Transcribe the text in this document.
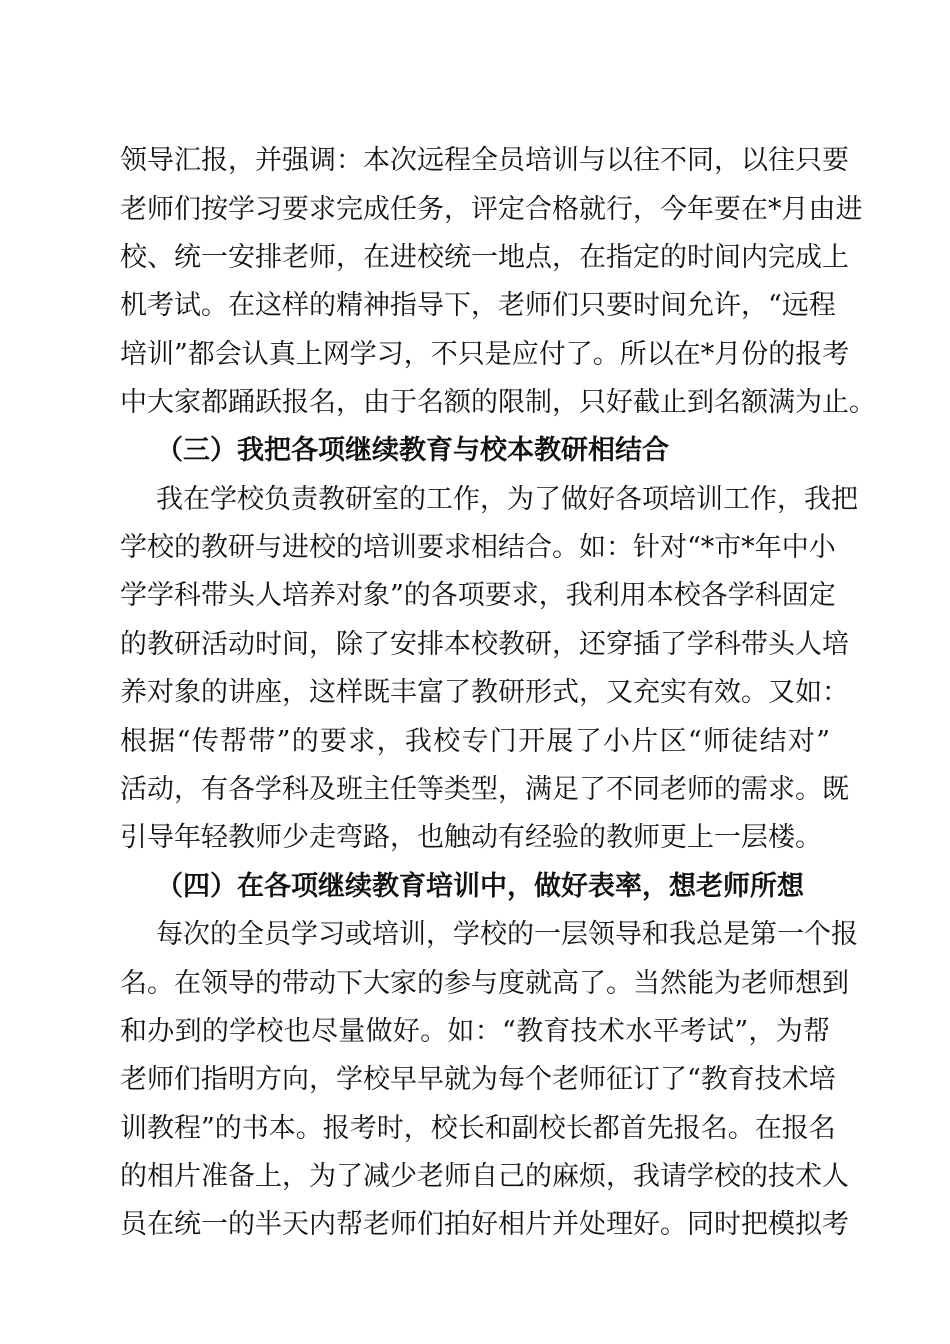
领导汇报，并强调：本次远程全员培训与以往不同，以往只要
老师们按学习要求完成任务，评定合格就行，今年要在*月由进
校、统一安排老师，在进校统一地点，在指定的时间内完成上
机考试。在这样的精神指导下，老师们只要时间允许，“远程
培训”都会认真上网学习，不只是应付了。所以在*月份的报考
中大家都踊跃报名，由于名额的限制，只好截止到名额满为止。
（三）我把各项继续教育与校本教研相结合
我在学校负责教研室的工作，为了做好各项培训工作，我把
学校的教研与进校的培训要求相结合。如：针对“*市*年中小
学学科带头人培养对象”的各项要求，我利用本校各学科固定
的教研活动时间，除了安排本校教研，还穿插了学科带头人培
养对象的讲座，这样既丰富了教研形式，又充实有效。又如：
根据“传帮带”的要求，我校专门开展了小片区“师徒结对”
活动，有各学科及班主任等类型，满足了不同老师的需求。既
引导年轻教师少走弯路，也触动有经验的教师更上一层楼。
（四）在各项继续教育培训中，做好表率，想老师所想
每次的全员学习或培训，学校的一层领导和我总是第一个报
名。在领导的带动下大家的参与度就高了。当然能为老师想到
和办到的学校也尽量做好。如：“教育技术水平考试”，为帮
老师们指明方向，学校早早就为每个老师征订了“教育技术培
训教程”的书本。报考时，校长和副校长都首先报名。在报名
的相片准备上，为了减少老师自己的麻烦，我请学校的技术人
员在统一的半天内帮老师们拍好相片并处理好。同时把模拟考
